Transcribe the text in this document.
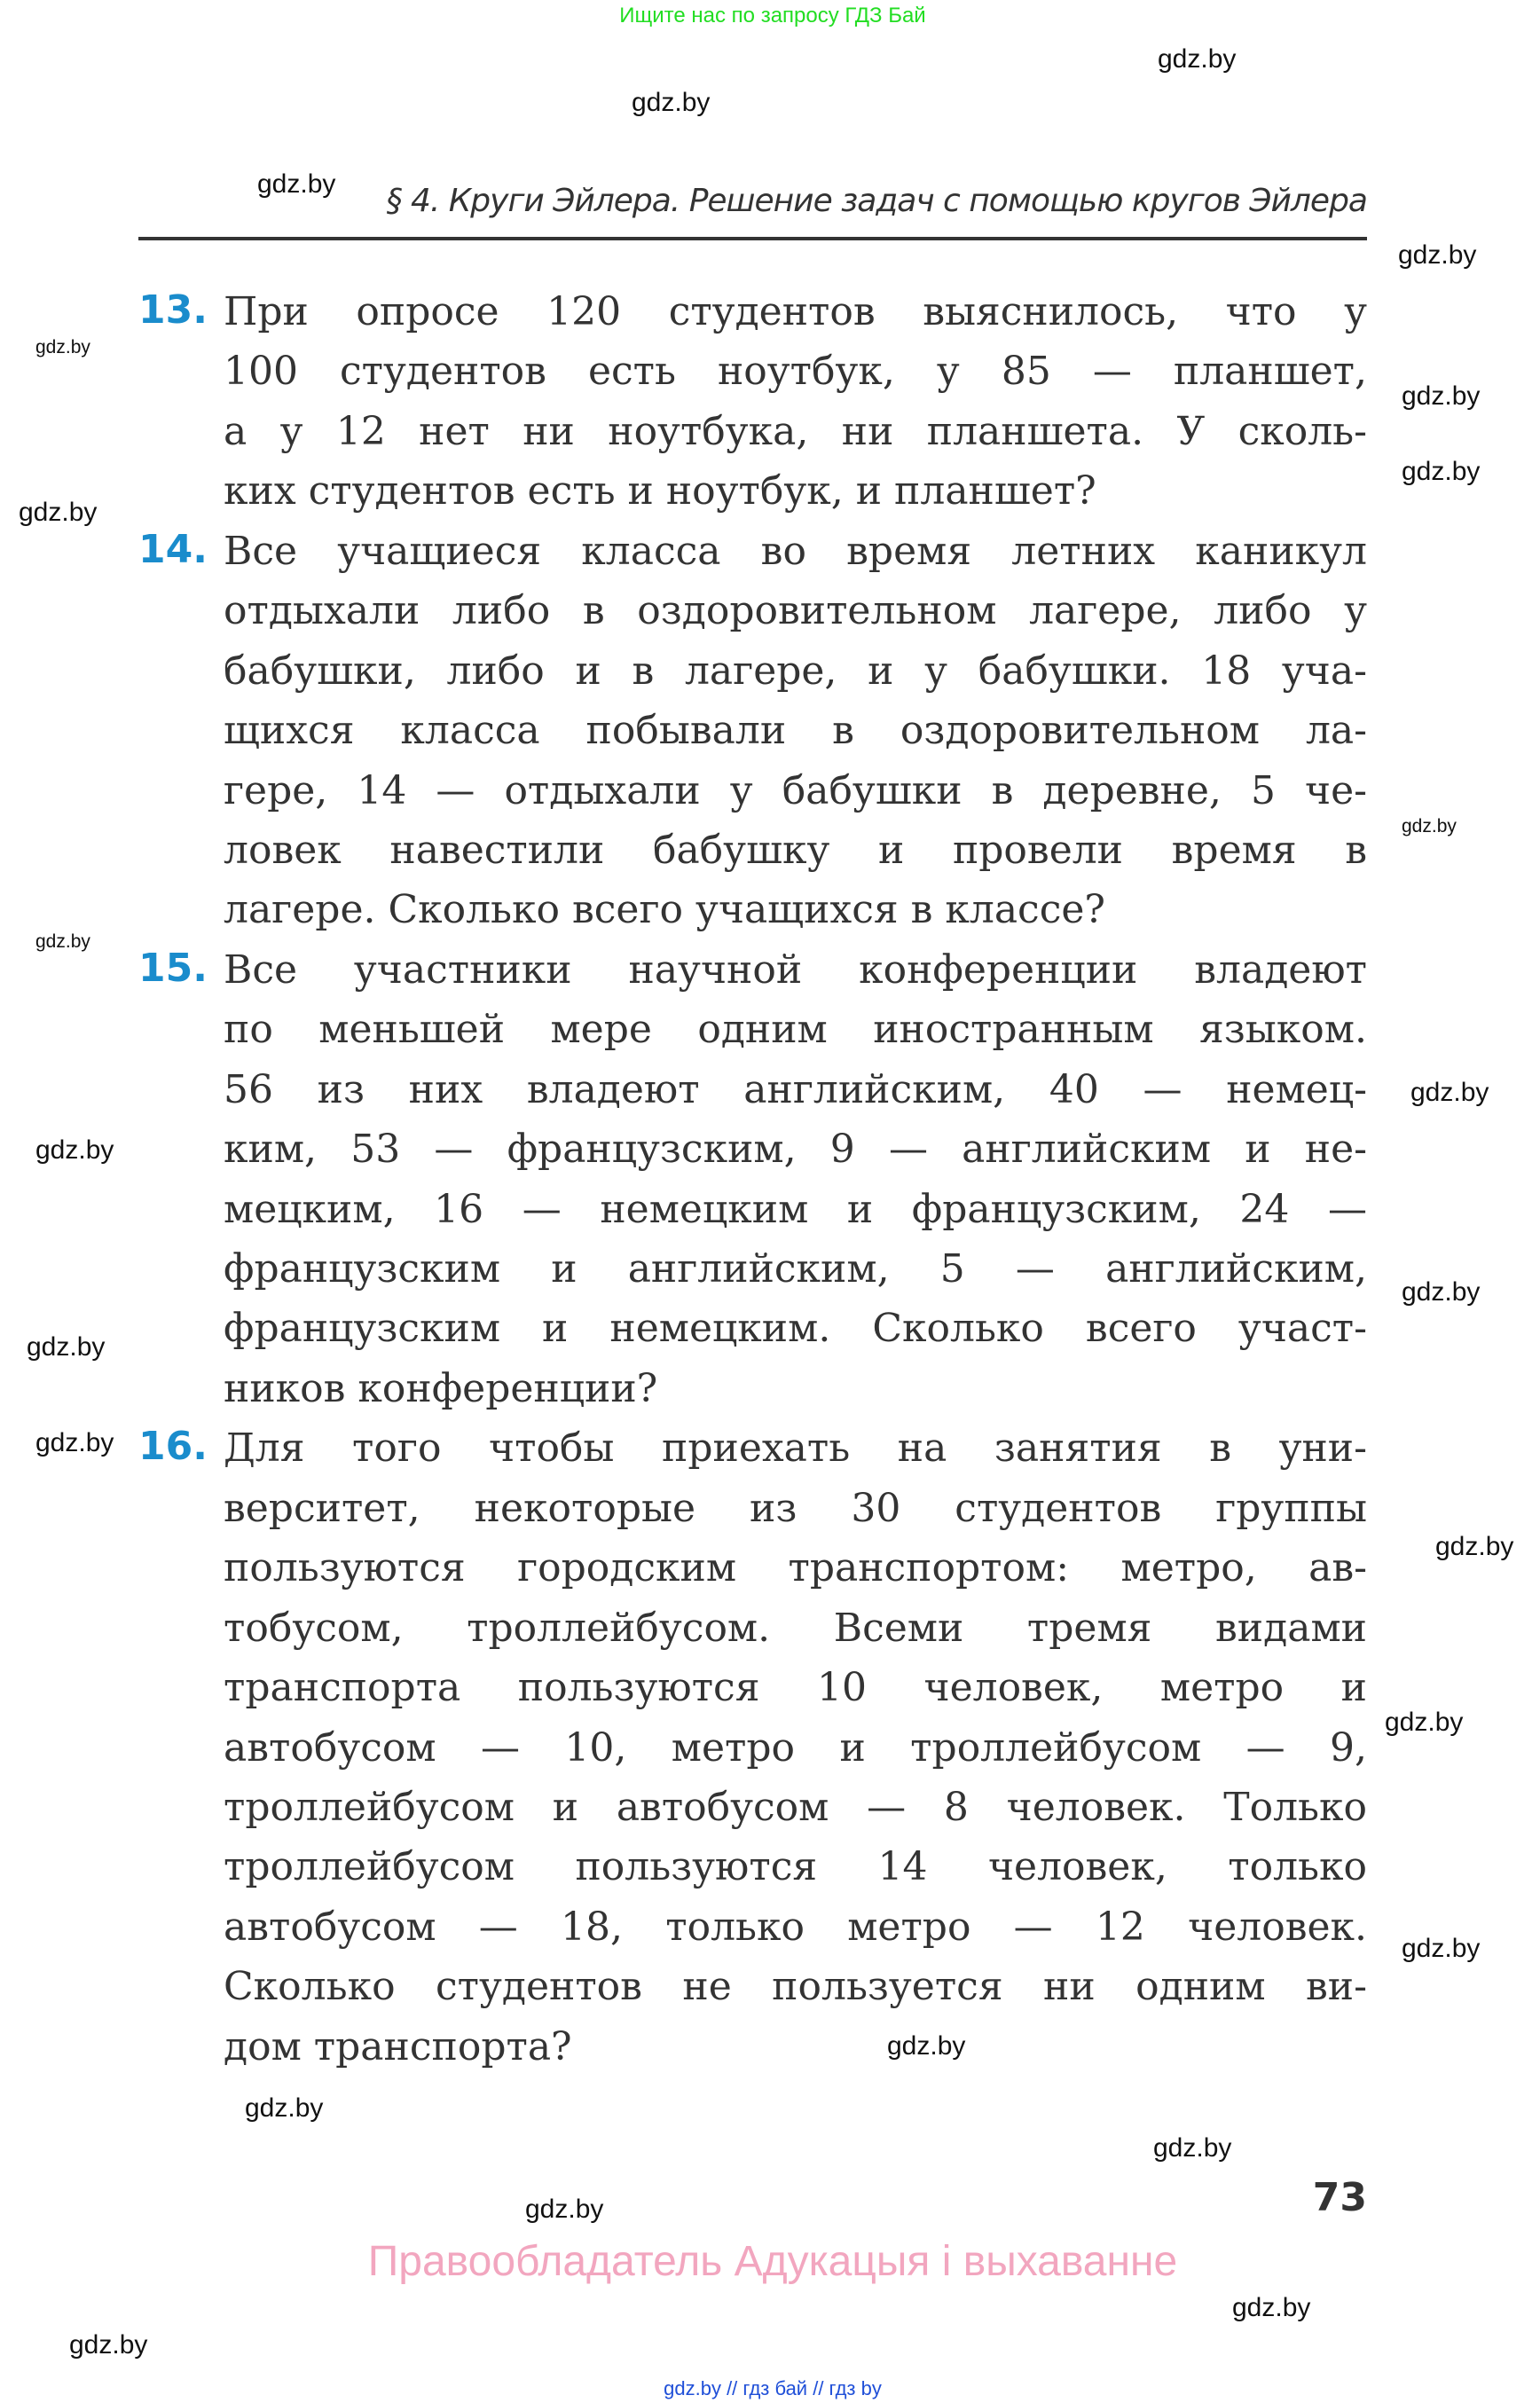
Ищите нас по запросу ГДЗ Бай
§ 4. Круги Эйлера. Решение задач с помощью кругов Эйлера
13. При опросе 120 студентов выяснилось, что у
100 студентов есть ноутбук, у 85 — планшет,
а у 12 нет ни ноутбука, ни планшета. У сколь-
ких студентов есть и ноутбук, и планшет?
14. Все учащиеся класса во время летних каникул
отдыхали либо в оздоровительном лагере, либо у
бабушки, либо и в лагере, и у бабушки. 18 уча-
щихся класса побывали в оздоровительном ла-
гере, 14 — отдыхали у бабушки в деревне, 5 че-
ловек навестили бабушку и провели время в
лагере. Сколько всего учащихся в классе?
15. Все участники научной конференции владеют
по меньшей мере одним иностранным языком.
56 из них владеют английским, 40 — немец-
ким, 53 — французским, 9 — английским и не-
мецким, 16 — немецким и французским, 24 —
французским и английским, 5 — английским,
французским и немецким. Сколько всего участ-
ников конференции?
16. Для того чтобы приехать на занятия в уни-
верситет, некоторые из 30 студентов группы
пользуются городским транспортом: метро, ав-
тобусом, троллейбусом. Всеми тремя видами
транспорта пользуются 10 человек, метро и
автобусом — 10, метро и троллейбусом — 9,
троллейбусом и автобусом — 8 человек. Только
троллейбусом пользуются 14 человек, только
автобусом — 18, только метро — 12 человек.
Сколько студентов не пользуется ни одним ви-
дом транспорта?
73
Правообладатель Адукацыя і выхаванне
gdz.by // гдз бай // гдз by
gdz.by
gdz.by
gdz.by
gdz.by
gdz.by
gdz.by
gdz.by
gdz.by
gdz.by
gdz.by
gdz.by
gdz.by
gdz.by
gdz.by
gdz.by
gdz.by
gdz.by
gdz.by
gdz.by
gdz.by
gdz.by
gdz.by
gdz.by
gdz.by
